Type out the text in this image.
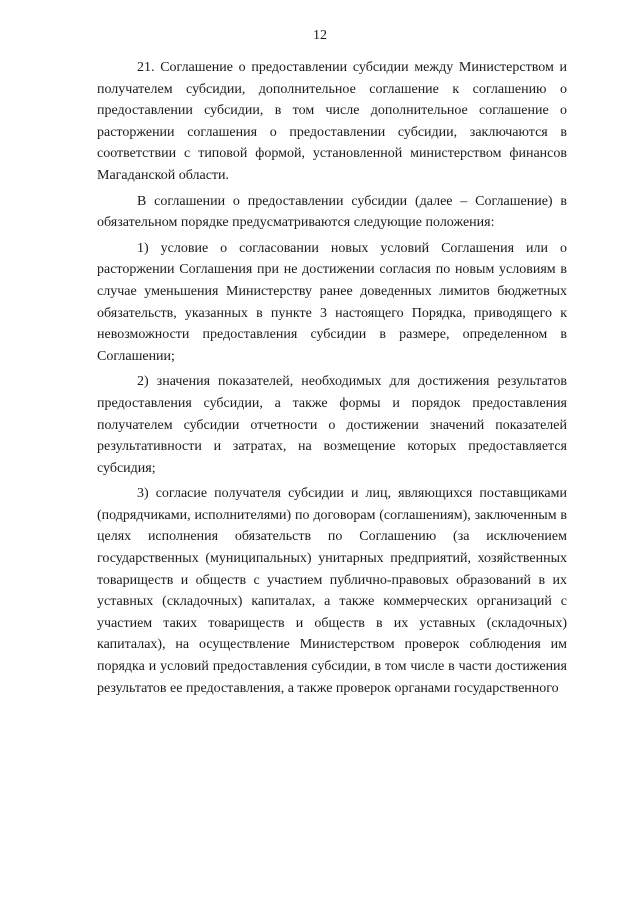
12

21. Соглашение о предоставлении субсидии между Министерством и получателем субсидии, дополнительное соглашение к соглашению о предоставлении субсидии, в том числе дополнительное соглашение о расторжении соглашения о предоставлении субсидии, заключаются в соответствии с типовой формой, установленной министерством финансов Магаданской области.

В соглашении о предоставлении субсидии (далее – Соглашение) в обязательном порядке предусматриваются следующие положения:

1) условие о согласовании новых условий Соглашения или о расторжении Соглашения при не достижении согласия по новым условиям в случае уменьшения Министерству ранее доведенных лимитов бюджетных обязательств, указанных в пункте 3 настоящего Порядка, приводящего к невозможности предоставления субсидии в размере, определенном в Соглашении;

2) значения показателей, необходимых для достижения результатов предоставления субсидии, а также формы и порядок предоставления получателем субсидии отчетности о достижении значений показателей результативности и затратах, на возмещение которых предоставляется субсидия;

3) согласие получателя субсидии и лиц, являющихся поставщиками (подрядчиками, исполнителями) по договорам (соглашениям), заключенным в целях исполнения обязательств по Соглашению (за исключением государственных (муниципальных) унитарных предприятий, хозяйственных товариществ и обществ с участием публично-правовых образований в их уставных (складочных) капиталах, а также коммерческих организаций с участием таких товариществ и обществ в их уставных (складочных) капиталах), на осуществление Министерством проверок соблюдения им порядка и условий предоставления субсидии, в том числе в части достижения результатов ее предоставления, а также проверок органами государственного
